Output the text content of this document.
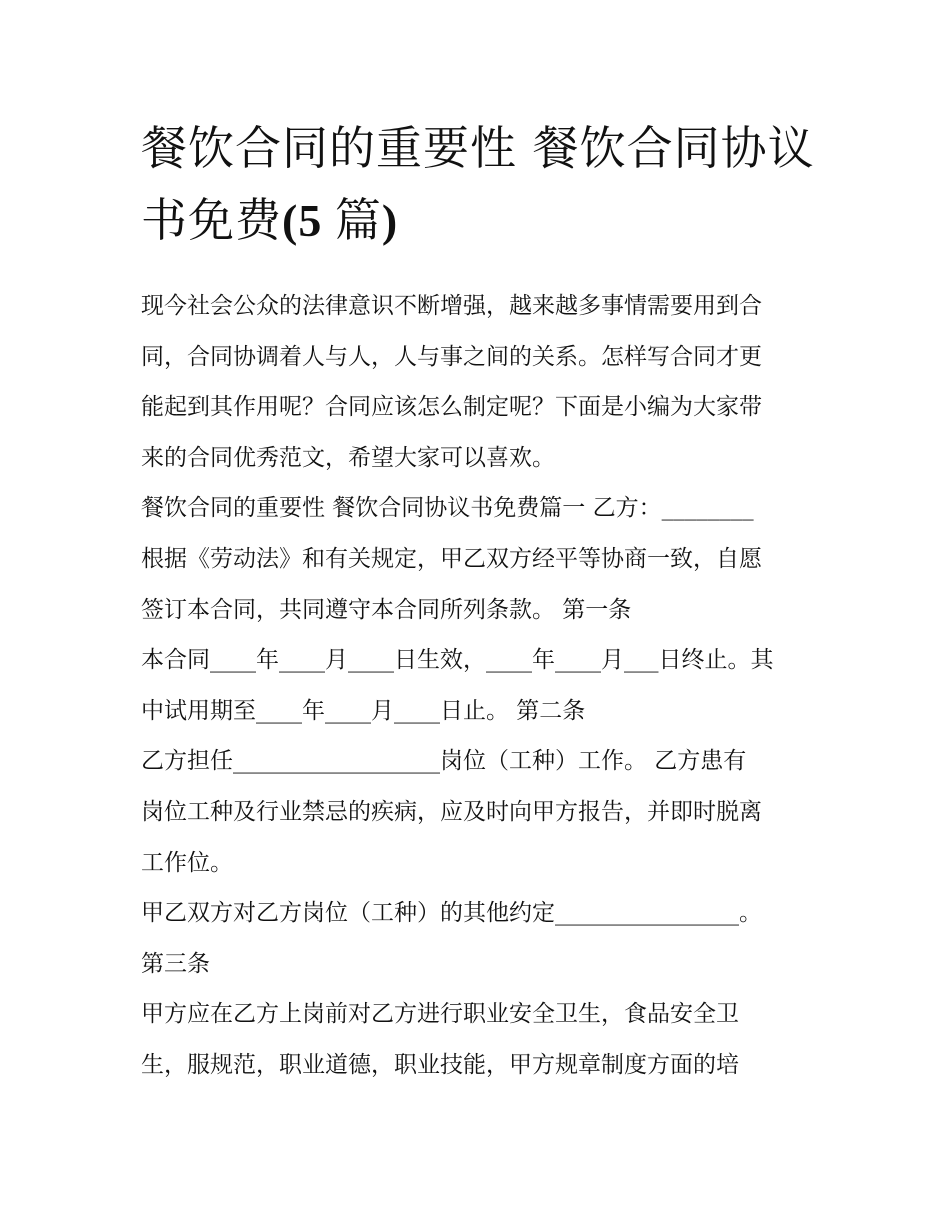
餐饮合同的重要性 餐饮合同协议书免费(5 篇)

现今社会公众的法律意识不断增强，越来越多事情需要用到合

同，合同协调着人与人，人与事之间的关系。怎样写合同才更

能起到其作用呢？合同应该怎么制定呢？下面是小编为大家带

来的合同优秀范文，希望大家可以喜欢。

餐饮合同的重要性 餐饮合同协议书免费篇一 乙方：________

根据《劳动法》和有关规定，甲乙双方经平等协商一致，自愿

签订本合同，共同遵守本合同所列条款。 第一条

本合同____年____月____日生效，____年____月___日终止。其

中试用期至____年____月____日止。 第二条

乙方担任__________________岗位（工种）工作。 乙方患有

岗位工种及行业禁忌的疾病，应及时向甲方报告，并即时脱离

工作位。

甲乙双方对乙方岗位（工种）的其他约定________________。

第三条

甲方应在乙方上岗前对乙方进行职业安全卫生，食品安全卫

生，服规范，职业道德，职业技能，甲方规章制度方面的培
